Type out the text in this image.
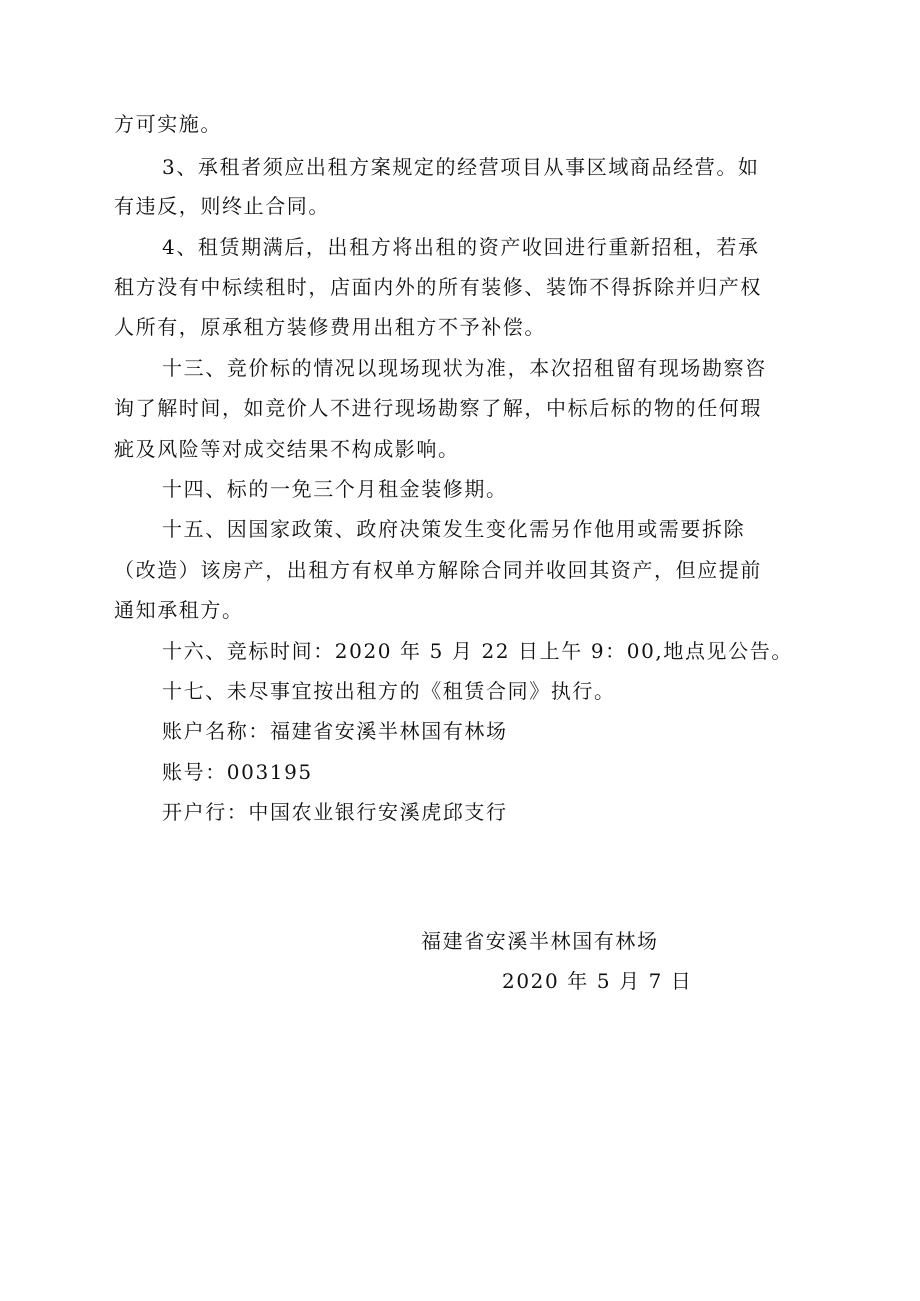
方可实施。
3、承租者须应出租方案规定的经营项目从事区域商品经营。如
有违反，则终止合同。
4、租赁期满后，出租方将出租的资产收回进行重新招租，若承
租方没有中标续租时，店面内外的所有装修、装饰不得拆除并归产权
人所有，原承租方装修费用出租方不予补偿。
十三、竞价标的情况以现场现状为准，本次招租留有现场勘察咨
询了解时间，如竞价人不进行现场勘察了解，中标后标的物的任何瑕
疵及风险等对成交结果不构成影响。
十四、标的一免三个月租金装修期。
十五、因国家政策、政府决策发生变化需另作他用或需要拆除
（改造）该房产，出租方有权单方解除合同并收回其资产，但应提前
通知承租方。
十六、竞标时间：2020 年 5 月 22 日上午 9：00,地点见公告。
十七、未尽事宜按出租方的《租赁合同》执行。
账户名称：福建省安溪半林国有林场
账号：003195
开户行：中国农业银行安溪虎邱支行
福建省安溪半林国有林场
2020 年 5 月 7 日
